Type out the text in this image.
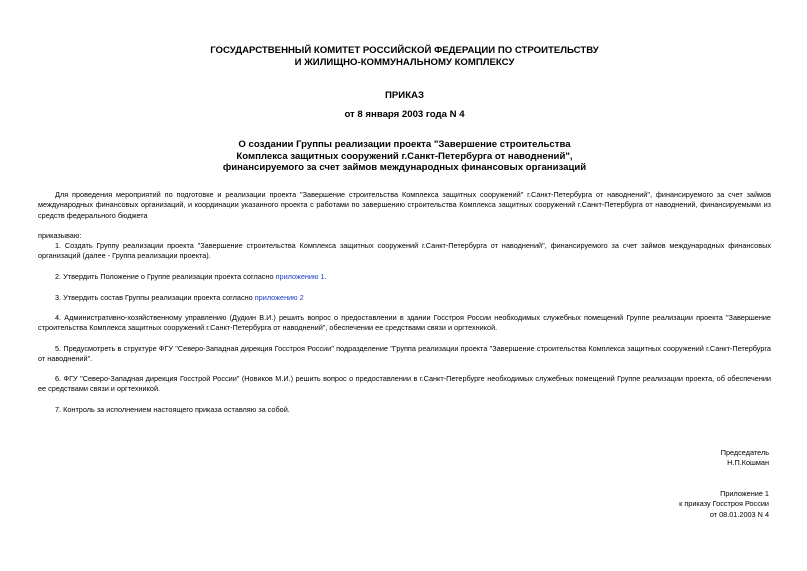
ГОСУДАРСТВЕННЫЙ КОМИТЕТ РОССИЙСКОЙ ФЕДЕРАЦИИ ПО СТРОИТЕЛЬСТВУ
И ЖИЛИЩНО-КОММУНАЛЬНОМУ КОМПЛЕКСУ
ПРИКАЗ
от 8 января 2003 года N 4
О создании Группы реализации проекта "Завершение строительства
Комплекса защитных сооружений г.Санкт-Петербурга от наводнений",
финансируемого за счет займов международных финансовых организаций
Для проведения мероприятий по подготовке и реализации проекта "Завершение строительства Комплекса защитных сооружений" г.Санкт-Петербурга от наводнений", финансируемого за счет займов международных финансовых организаций, и координации указанного проекта с работами по завершению строительства Комплекса защитных сооружений г.Санкт-Петербурга от наводнений, финансируемыми из средств федерального бюджета
приказываю:
1. Создать Группу реализации проекта "Завершение строительства Комплекса защитных сооружений г.Санкт-Петербурга от наводнений", финансируемого за счет займов международных финансовых организаций (далее - Группа реализации проекта).
2. Утвердить Положение о Группе реализации проекта согласно приложению 1.
3. Утвердить состав Группы реализации проекта согласно приложению 2
4. Административно-хозяйственному управлению (Дудкин В.И.) решить вопрос о предоставлении в здании Госстроя России необходимых служебных помещений Группе реализации проекта "Завершение строительства Комплекса защитных сооружений г.Санкт-Петербурга от наводнений", обеспечении ее средствами связи и оргтехникой.
5. Предусмотреть в структуре ФГУ "Северо-Западная дирекция Госстроя России" подразделение "Группа реализации проекта "Завершение строительства Комплекса защитных сооружений г.Санкт-Петербурга от наводнений".
6. ФГУ "Северо-Западная дирекция Госстрой России" (Новиков М.И.) решить вопрос о предоставлении в г.Санкт-Петербурге необходимых служебных помещений Группе реализации проекта, об обеспечении ее средствами связи и оргтехникой.
7. Контроль за исполнением настоящего приказа оставляю за собой.
Председатель
Н.П.Кошман
Приложение 1
к приказу Госстроя России
от 08.01.2003 N 4
